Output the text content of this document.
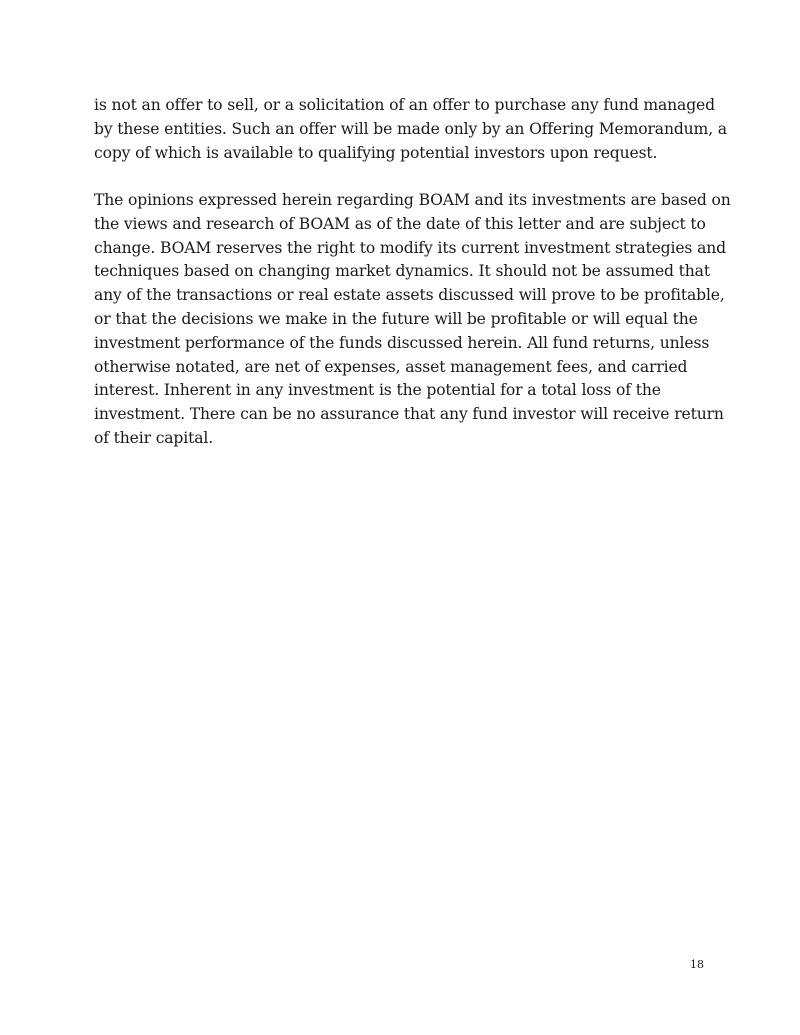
is not an offer to sell, or a solicitation of an offer to purchase any fund managed
by these entities. Such an offer will be made only by an Offering Memorandum, a
copy of which is available to qualifying potential investors upon request.

The opinions expressed herein regarding BOAM and its investments are based on
the views and research of BOAM as of the date of this letter and are subject to
change. BOAM reserves the right to modify its current investment strategies and
techniques based on changing market dynamics. It should not be assumed that
any of the transactions or real estate assets discussed will prove to be profitable,
or that the decisions we make in the future will be profitable or will equal the
investment performance of the funds discussed herein. All fund returns, unless
otherwise notated, are net of expenses, asset management fees, and carried
interest. Inherent in any investment is the potential for a total loss of the
investment. There can be no assurance that any fund investor will receive return
of their capital.

18
